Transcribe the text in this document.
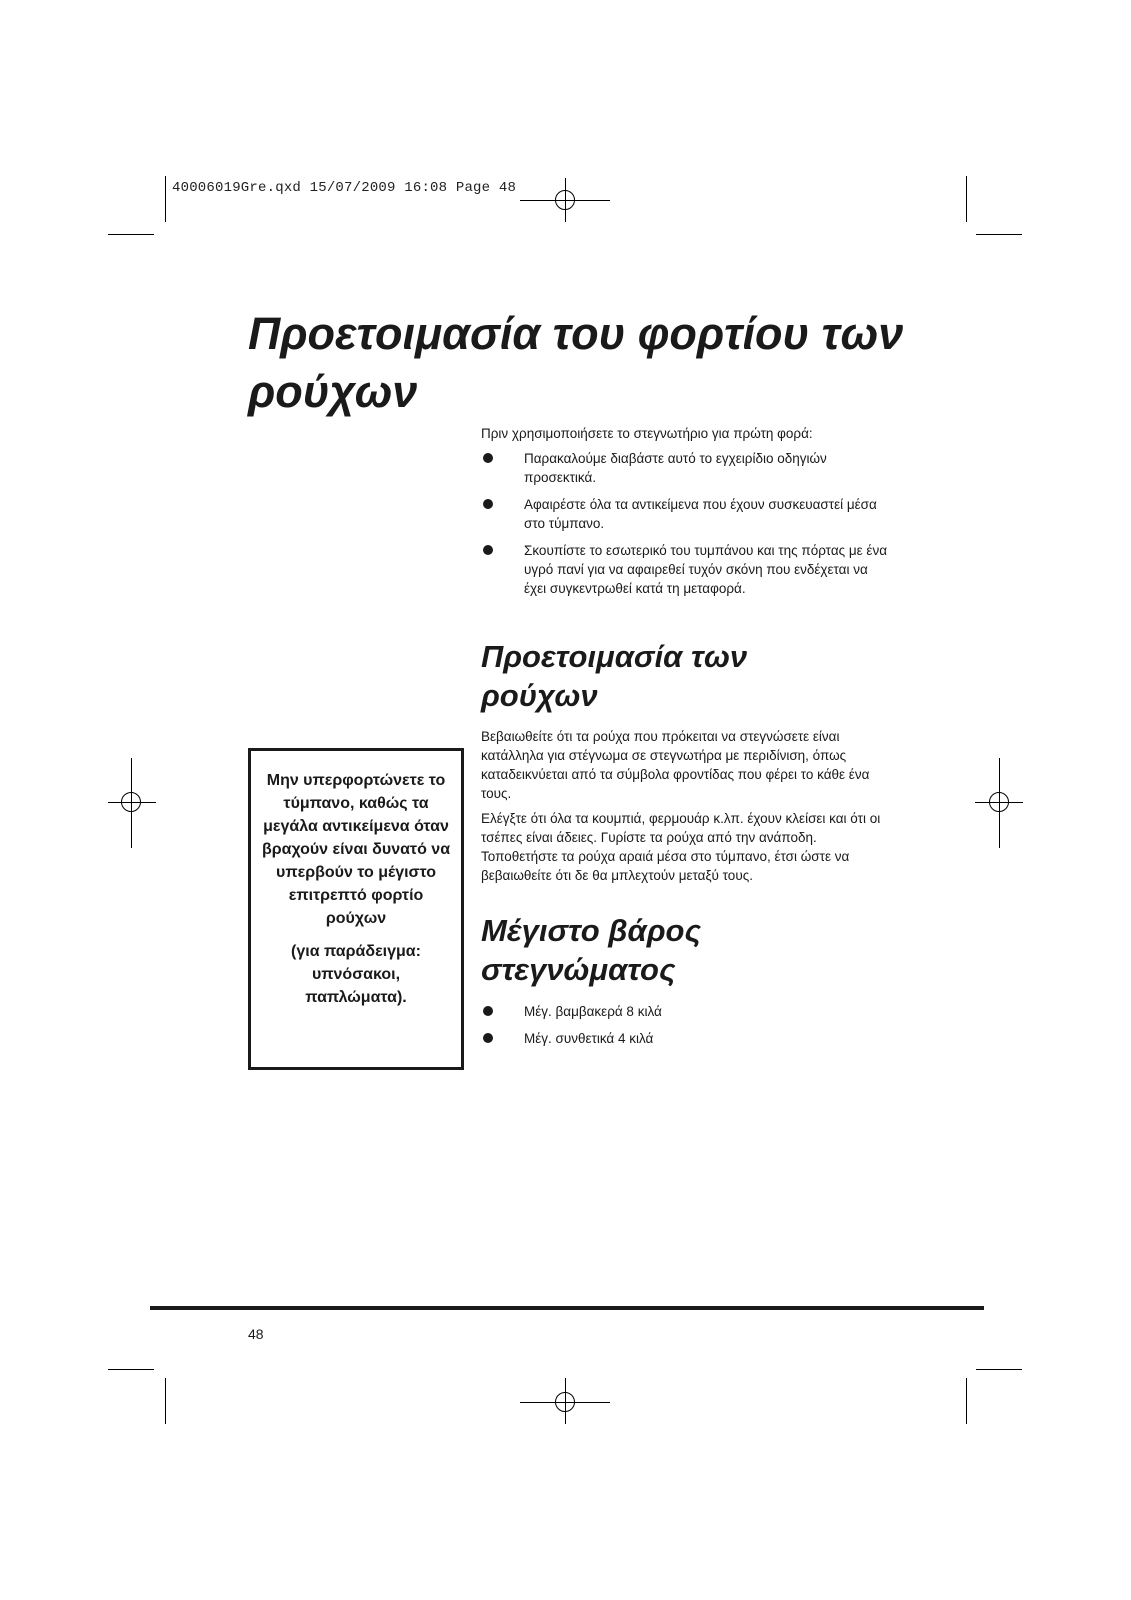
40006019Gre.qxd 15/07/2009 16:08 Page 48
Προετοιμασία του φορτίου των ρούχων

Πριν χρησιμοποιήσετε το στεγνωτήριο για πρώτη φορά:

Παρακαλούμε διαβάστε αυτό το εγχειρίδιο οδηγιών προσεκτικά.
Αφαιρέστε όλα τα αντικείμενα που έχουν συσκευαστεί μέσα στο τύμπανο.
Σκουπίστε το εσωτερικό του τυμπάνου και της πόρτας με ένα υγρό πανί για να αφαιρεθεί τυχόν σκόνη που ενδέχεται να έχει συγκεντρωθεί κατά τη μεταφορά.
Προετοιμασία των ρούχων

Βεβαιωθείτε ότι τα ρούχα που πρόκειται να στεγνώσετε είναι κατάλληλα για στέγνωμα σε στεγνωτήρα με περιδίνιση, όπως καταδεικνύεται από τα σύμβολα φροντίδας που φέρει το κάθε ένα τους.

Ελέγξτε ότι όλα τα κουμπιά, φερμουάρ κ.λπ. έχουν κλείσει και ότι οι τσέπες είναι άδειες. Γυρίστε τα ρούχα από την ανάποδη. Τοποθετήστε τα ρούχα αραιά μέσα στο τύμπανο, έτσι ώστε να βεβαιωθείτε ότι δε θα μπλεχτούν μεταξύ τους.

Μέγιστο βάρος στεγνώματος
Μέγ. βαμβακερά 8 κιλά
Μέγ. συνθετικά 4 κιλά

Μην υπερφορτώνετε το τύμπανο, καθώς τα μεγάλα αντικείμενα όταν βραχούν είναι δυνατό να υπερβούν το μέγιστο επιτρεπτό φορτίο ρούχων

(για παράδειγμα: υπνόσακοι, παπλώματα).

48
